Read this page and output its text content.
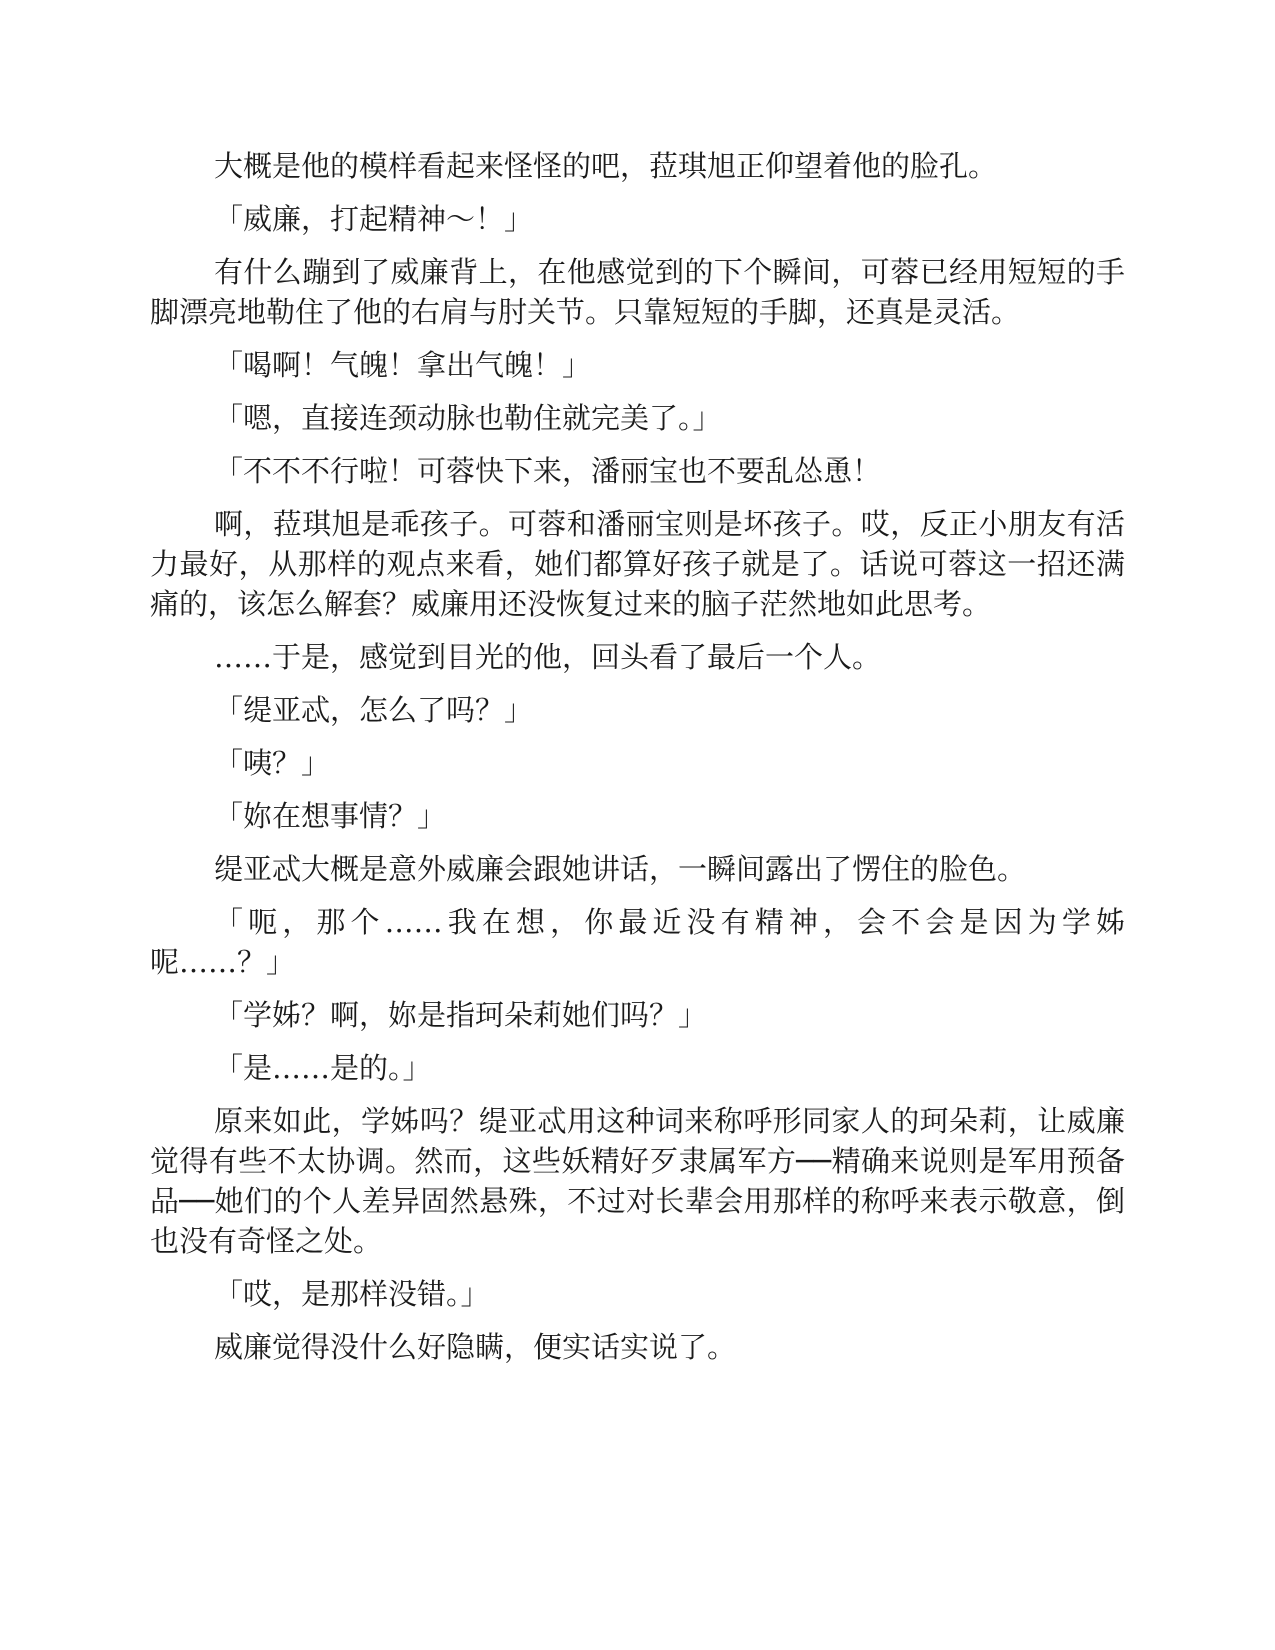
大概是他的模样看起来怪怪的吧，菈琪旭正仰望着他的脸孔。

「威廉，打起精神～！」

有什么蹦到了威廉背上，在他感觉到的下个瞬间，可蓉已经用短短的手脚漂亮地勒住了他的右肩与肘关节。只靠短短的手脚，还真是灵活。

「喝啊！气魄！拿出气魄！」

「嗯，直接连颈动脉也勒住就完美了。」

「不不不行啦！可蓉快下来，潘丽宝也不要乱怂恿！

啊，菈琪旭是乖孩子。可蓉和潘丽宝则是坏孩子。哎，反正小朋友有活力最好，从那样的观点来看，她们都算好孩子就是了。话说可蓉这一招还满痛的，该怎么解套？威廉用还没恢复过来的脑子茫然地如此思考。

……于是，感觉到目光的他，回头看了最后一个人。

「缇亚忒，怎么了吗？」

「咦？」

「妳在想事情？」

缇亚忒大概是意外威廉会跟她讲话，一瞬间露出了愣住的脸色。

「呃，那个……我在想，你最近没有精神，会不会是因为学姊呢……？」

「学姊？啊，妳是指珂朵莉她们吗？」

「是……是的。」

原来如此，学姊吗？缇亚忒用这种词来称呼形同家人的珂朵莉，让威廉觉得有些不太协调。然而，这些妖精好歹隶属军方──精确来说则是军用预备品──她们的个人差异固然悬殊，不过对长辈会用那样的称呼来表示敬意，倒也没有奇怪之处。

「哎，是那样没错。」

威廉觉得没什么好隐瞒，便实话实说了。
